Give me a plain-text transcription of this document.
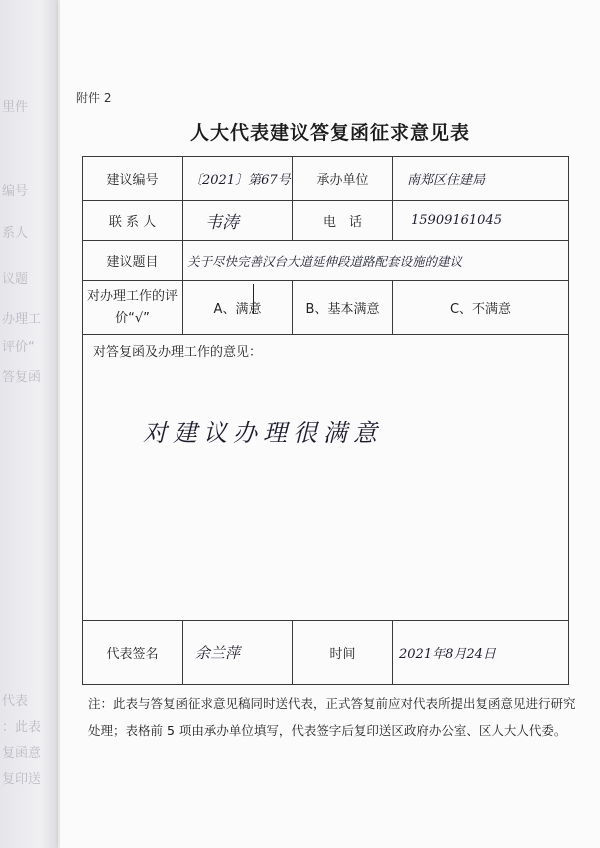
里件
编号
系人
议题
办理工
评价“
答复函
代表
：此表
复函意
复印送
附件 2
人大代表建议答复函征求意见表
建议编号	〔2021〕第67号	承办单位	南郑区住建局
联 系 人	韦涛	电　话	15909161045
建议题目	关于尽快完善汉台大道延伸段道路配套设施的建议		
对办理工作的评价“√”	A、满意	B、基本满意	C、不满意

对答复函及办理工作的意见：
对建议办理很满意			

代表签名	余兰萍	时间	2021年8月24日
注：此表与答复函征求意见稿同时送代表，正式答复前应对代表所提出复函意见进行研究处理；表格前 5 项由承办单位填写，代表签字后复印送区政府办公室、区人大人代委。
